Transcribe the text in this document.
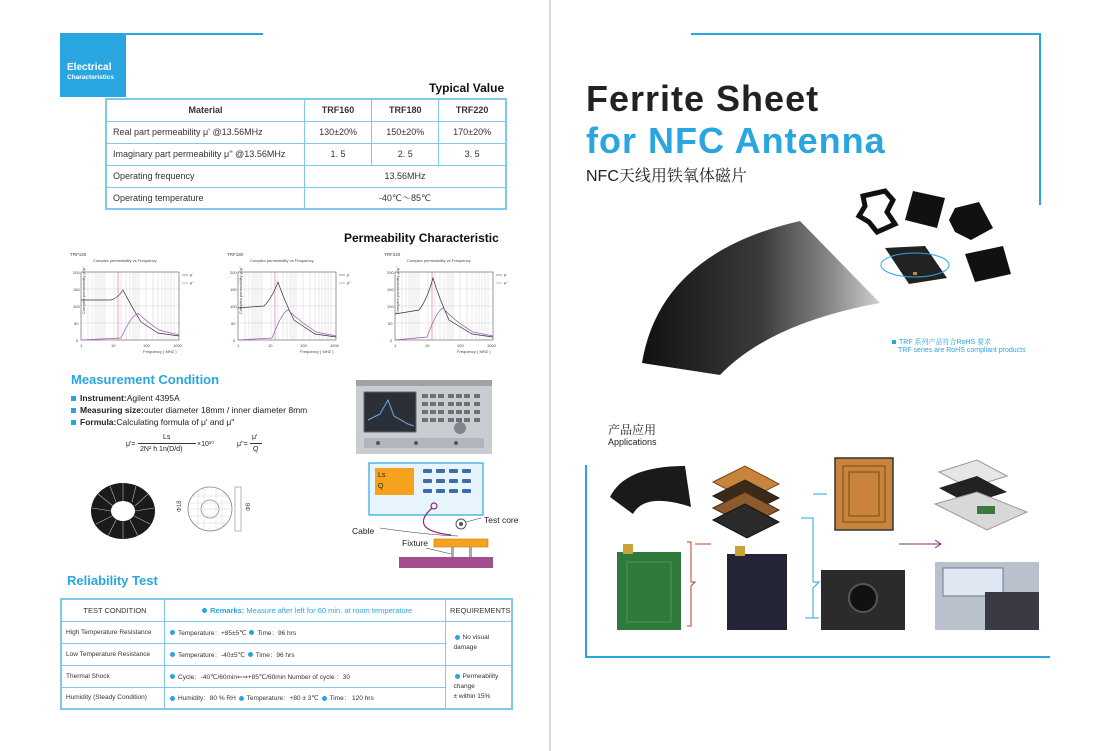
Electrical
Characteristics
Typical Value
Material	TRF160	TRF180	TRF220
Real part permeability μ' @13.56MHz	130±20%	150±20%	170±20%
Imaginary part permeability μ'' @13.56MHz	1. 5	2. 5	3. 5
Operating frequency	13.56MHz		
Operating temperature	-40℃～85℃		
Permeability Characteristic
TRF160
Complex permeability vs Frequency
Complex permeability μ'/μ''
200
150
100
50
0
1	10	100	1000
Frequency ( MHZ )
μ'
μ''
TRF180
Complex permeability vs Frequency
Complex permeability μ'/μ''
200
150
100
50
0
1	10	100	1000
Frequency ( MHZ )
μ'
μ''
TRF220
Complex permeability vs Frequency
Complex permeability μ'/μ''
200
150
100
50
0
1	10	100	1000
Frequency ( MHZ )
μ'
μ''
Measurement Condition
Instrument: Agilent 4395A
Measuring size: outer diameter 18mm / inner diameter 8mm
Formula: Calculating formula of μ' and μ''
μ'=
Ls
2N² h 1n(D/d)
×10¹⁰	μ''=
μ'
Q
Φ18	Φ8
Ls
Q
Cable
Test core
Fixture
Reliability Test
TEST CONDITION	Remarks: Measure after left for 60 min. at room temperature	REQUIREMENTS
High Temperature Resistance	Temperature：+85±5℃ Time：96 hrs	No visual
damage
Low Temperature Resistance	Temperature：-40±5℃ Time：96 hrs	
Thermal Shock	Cycle：-40℃/60min⇐⇒+85℃/60min Number of cycle ：30	Permeability
change
± within 15%
Humidity (Steady Condition)	Humidity：80 % RH Temperature：+80 ± 3℃ Time： 120 hrs	
Ferrite Sheet
for NFC Antenna
NFC天线用铁氧体磁片
TRF 系列产品符合RoHS 要求
TRF series are RoHS compliant products
产品应用
Applications
